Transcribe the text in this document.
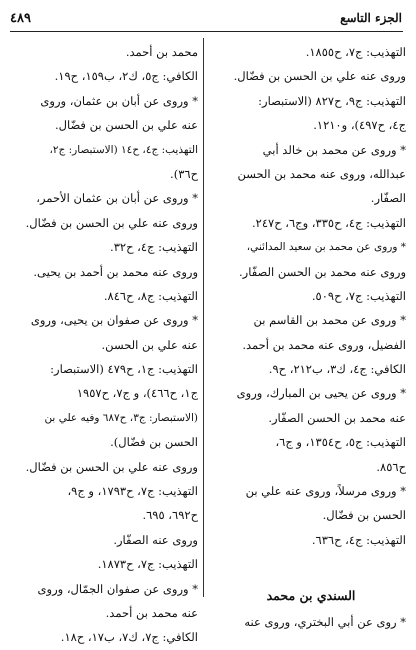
الجزء التاسع
٤٨٩
التهذيب: ج٧، ح١٨٥٥.
وروى عنه علي بن الحسن بن فضّال.
التهذيب: ج٩، ح٨٢٧ (الاستبصار:
ج٤، ح٤٩٧)، و١٢١٠.
* وروى عن محمد بن خالد أبي
عبدالله، وروى عنه محمد بن الحسن
الصفّار.
التهذيب: ج٤، ح٣٣٥، وج٦، ح٢٤٧.
* وروى عن محمد بن سعيد المدائني،
وروى عنه محمد بن الحسن الصفّار.
التهذيب: ج٧، ح٥٠٩.
* وروى عن محمد بن القاسم بن
الفضيل، وروى عنه محمد بن أحمد.
الكافي: ج٤، ك٣، ب٢١٢، ح٩.
* وروى عن يحيى بن المبارك، وروى
عنه محمد بن الحسن الصفّار.
التهذيب: ج٥، ح١٣٥٤، و ج٦،
ح٨٥٦.
* وروى مرسلاً، وروى عنه علي بن
الحسن بن فضّال.
التهذيب: ج٤، ح٦٣٦.
السندي بن محمد
* روى عن أبي البختري، وروى عنه
محمد بن أحمد.
الكافي: ج٥، ك٢، ب١٥٩، ح١٩.
* وروى عن أبان بن عثمان، وروى
عنه علي بن الحسن بن فضّال.
التهذيب: ج٤، ح١٤ (الاستبصار: ج٢،
ح٣٦).
* وروى عن أبان بن عثمان الأحمر،
وروى عنه علي بن الحسن بن فضّال.
التهذيب: ج٤، ح٣٢.
وروى عنه محمد بن أحمد بن يحيى.
التهذيب: ج٨، ح٨٤٦.
* وروى عن صفوان بن يحيى، وروى
عنه علي بن الحسن.
التهذيب: ج١، ح٤٧٩ (الاستبصار:
ج١، ح٤٦٦)، و ج٧، ح١٩٥٧
(الاستبصار: ج٣، ح٦٨٧ وفيه علي بن
الحسن بن فضّال).
وروى عنه علي بن الحسن بن فضّال.
التهذيب: ج٧، ح١٧٩٣، و ج٩،
ح٦٩٢، ٦٩٥.
وروى عنه الصفّار.
التهذيب: ج٧، ح١٨٧٣.
* وروى عن صفوان الجمّال، وروى
عنه محمد بن أحمد.
الكافي: ج٧، ك٧، ب١٧، ح١٨.
